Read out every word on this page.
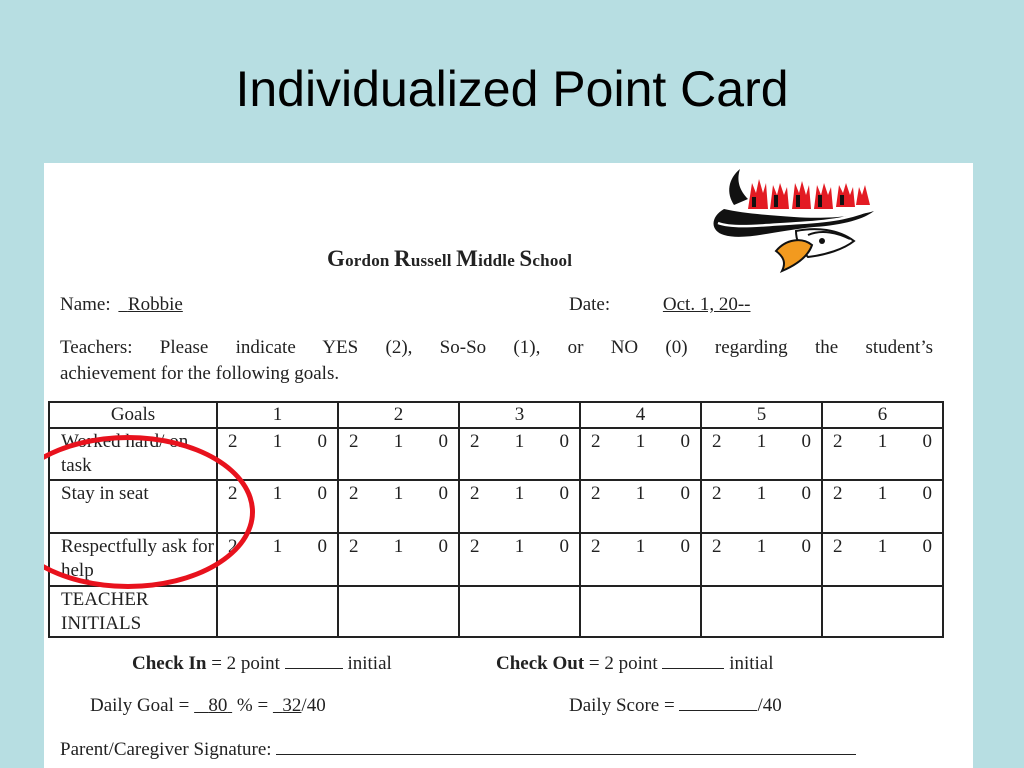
Individualized Point Card
Gordon Russell Middle School
Name: Robbie	Date:	Oct. 1, 20--
Teachers: Please indicate YES (2), So-So (1), or NO (0) regarding the student’s
achievement for the following goals.
Goals	1	2	3	4	5	6
Worked hard/ on task	2 1 0	2 1 0	2 1 0	2 1 0	2 1 0	2 1 0

Stay in seat	2 1 0	2 1 0	2 1 0	2 1 0	2 1 0	2 1 0

Respectfully ask for help	2 1 0	2 1 0	2 1 0	2 1 0	2 1 0	2 1 0

TEACHER INITIALS						
Check In = 2 point	initial	Check Out = 2 point	initial
Daily Goal = 80 % = 32/40	Daily Score =	/40
Parent/Caregiver Signature:
